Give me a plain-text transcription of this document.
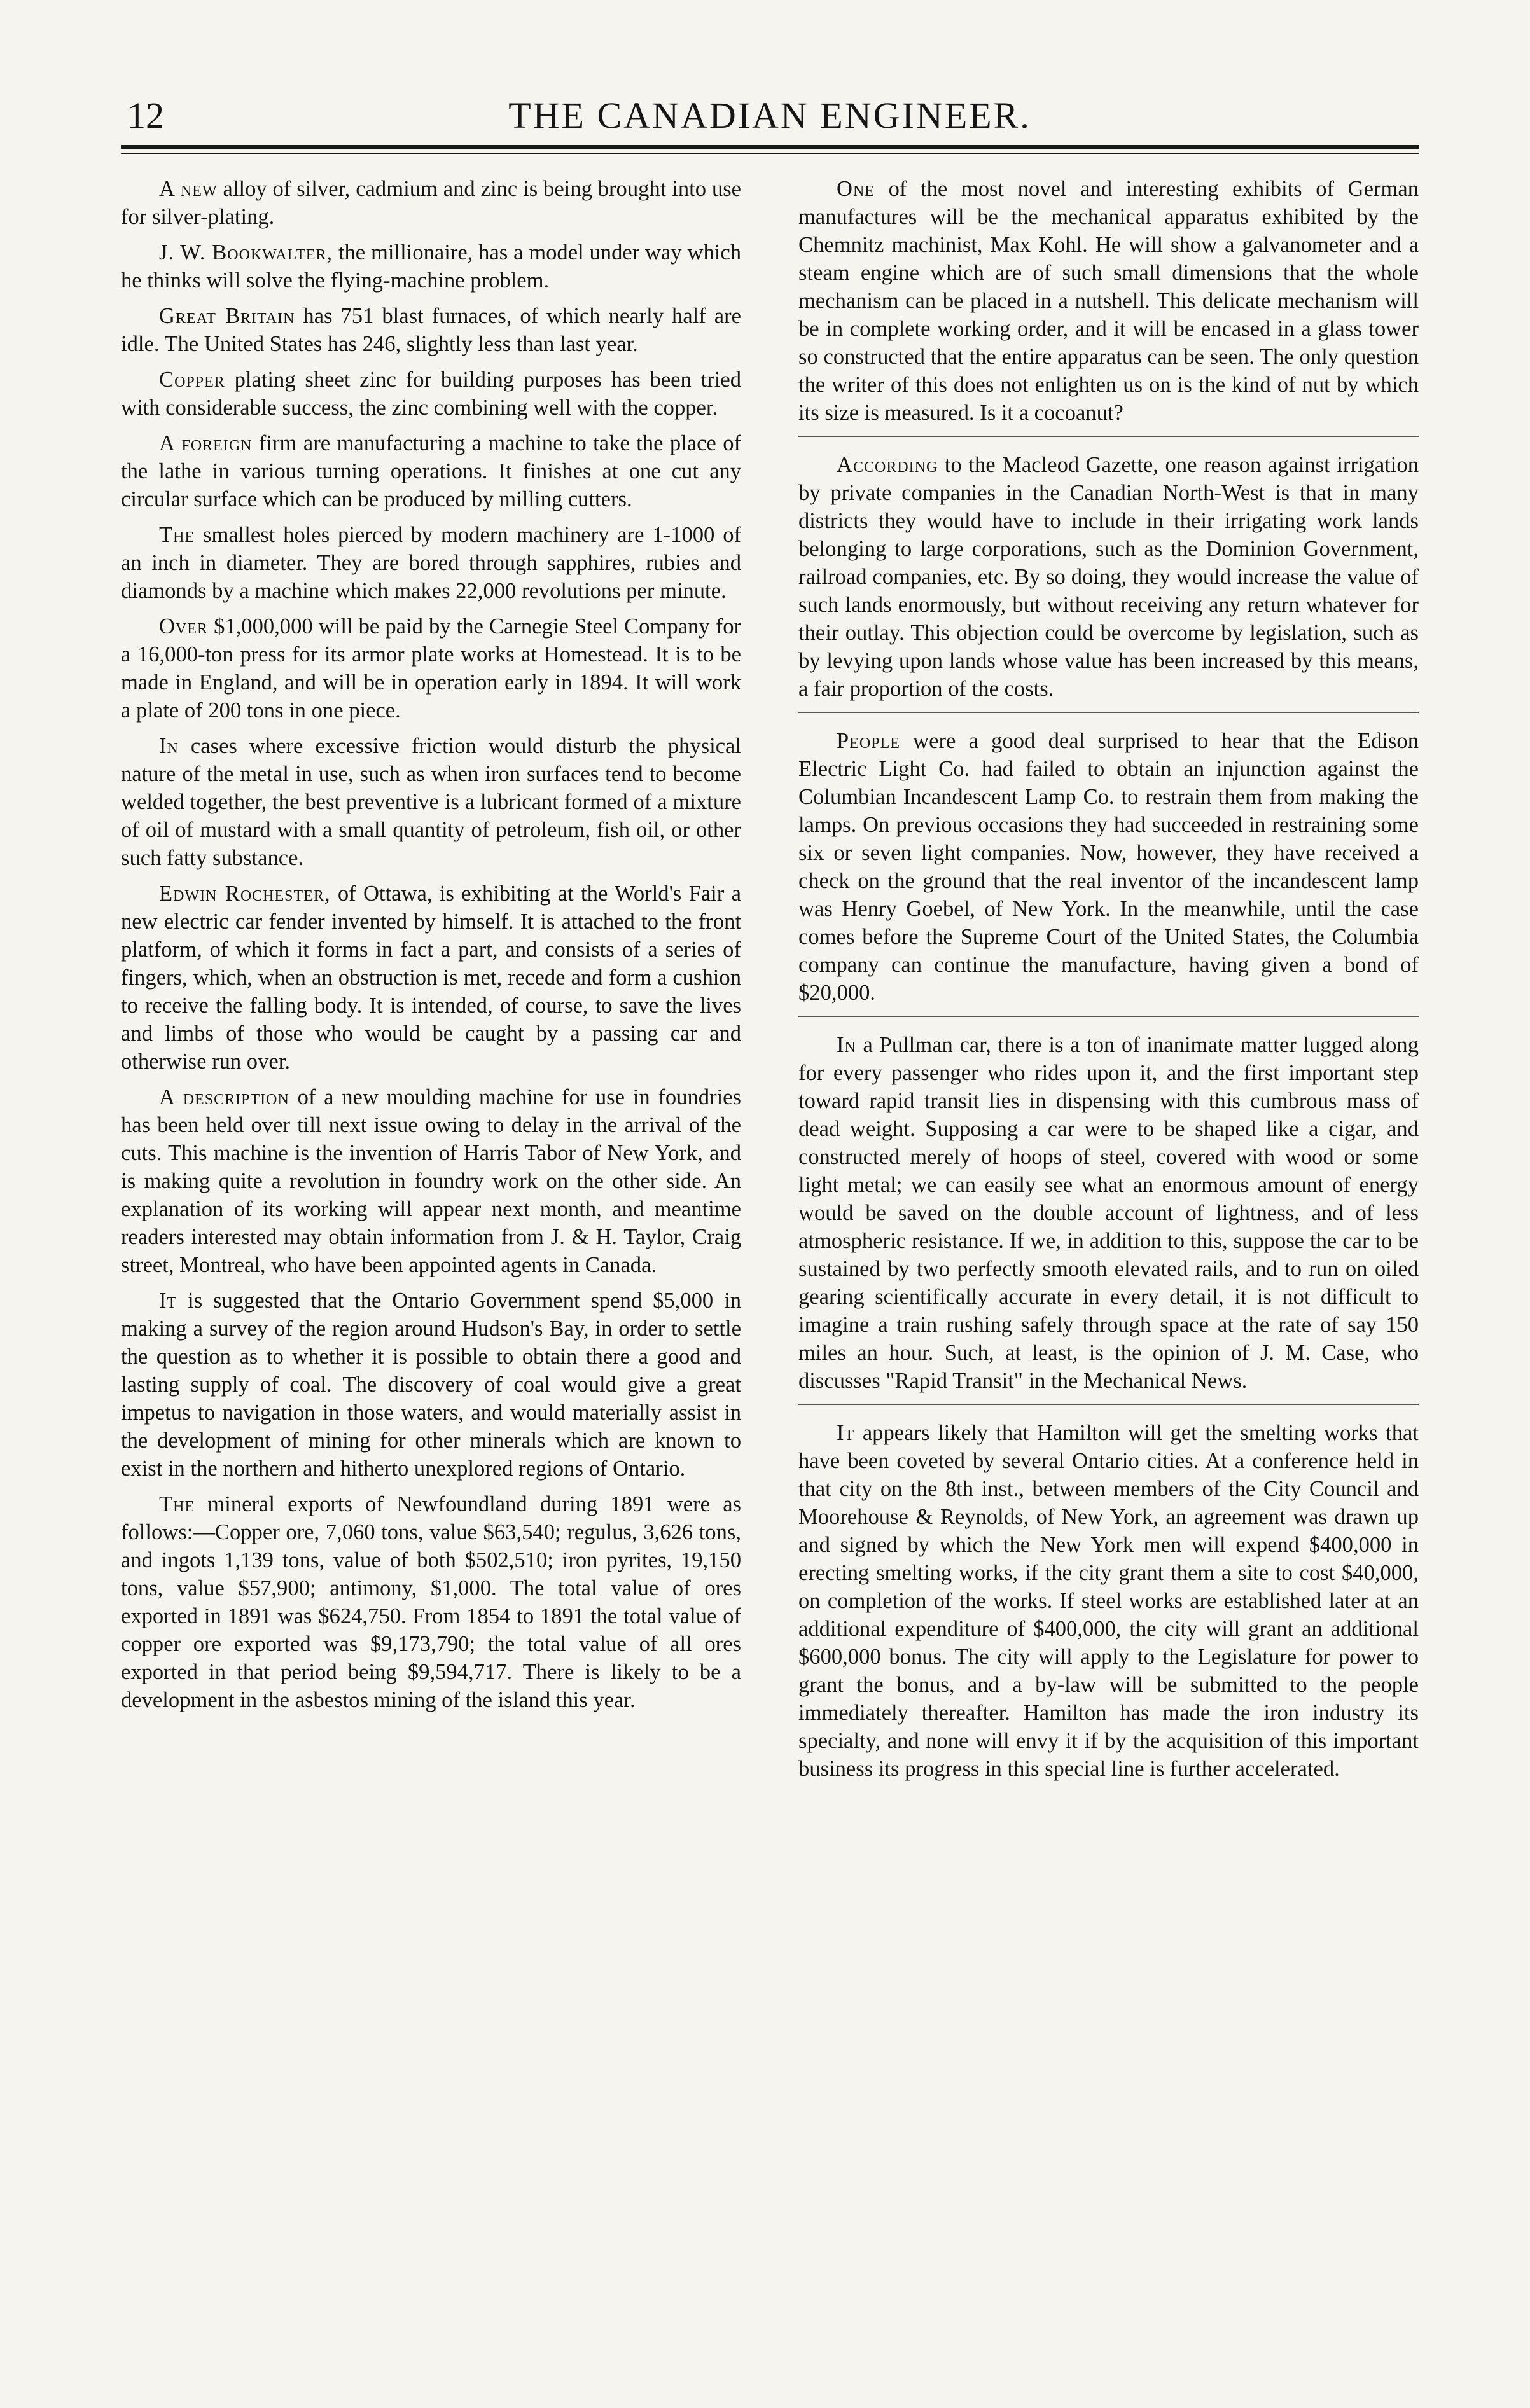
12	THE CANADIAN ENGINEER.

A new alloy of silver, cadmium and zinc is being brought into use for silver-plating.

J. W. Bookwalter, the millionaire, has a model under way which he thinks will solve the flying-machine problem.

Great Britain has 751 blast furnaces, of which nearly half are idle. The United States has 246, slightly less than last year.

Copper plating sheet zinc for building purposes has been tried with considerable success, the zinc combining well with the copper.

A foreign firm are manufacturing a machine to take the place of the lathe in various turning operations. It finishes at one cut any circular surface which can be produced by milling cutters.

The smallest holes pierced by modern machinery are 1-1000 of an inch in diameter. They are bored through sapphires, rubies and diamonds by a machine which makes 22,000 revolutions per minute.

Over $1,000,000 will be paid by the Carnegie Steel Company for a 16,000-ton press for its armor plate works at Homestead. It is to be made in England, and will be in operation early in 1894. It will work a plate of 200 tons in one piece.

In cases where excessive friction would disturb the physical nature of the metal in use, such as when iron surfaces tend to become welded together, the best preventive is a lubricant formed of a mixture of oil of mustard with a small quantity of petroleum, fish oil, or other such fatty substance.

Edwin Rochester, of Ottawa, is exhibiting at the World's Fair a new electric car fender invented by himself. It is attached to the front platform, of which it forms in fact a part, and consists of a series of fingers, which, when an obstruction is met, recede and form a cushion to receive the falling body. It is intended, of course, to save the lives and limbs of those who would be caught by a passing car and otherwise run over.

A description of a new moulding machine for use in foundries has been held over till next issue owing to delay in the arrival of the cuts. This machine is the invention of Harris Tabor of New York, and is making quite a revolution in foundry work on the other side. An explanation of its working will appear next month, and meantime readers interested may obtain information from J. & H. Taylor, Craig street, Montreal, who have been appointed agents in Canada.

It is suggested that the Ontario Government spend $5,000 in making a survey of the region around Hudson's Bay, in order to settle the question as to whether it is possible to obtain there a good and lasting supply of coal. The discovery of coal would give a great impetus to navigation in those waters, and would materially assist in the development of mining for other minerals which are known to exist in the northern and hitherto unexplored regions of Ontario.

The mineral exports of Newfoundland during 1891 were as follows:—Copper ore, 7,060 tons, value $63,540; regulus, 3,626 tons, and ingots 1,139 tons, value of both $502,510; iron pyrites, 19,150 tons, value $57,900; antimony, $1,000. The total value of ores exported in 1891 was $624,750. From 1854 to 1891 the total value of copper ore exported was $9,173,790; the total value of all ores exported in that period being $9,594,717. There is likely to be a development in the asbestos mining of the island this year.

One of the most novel and interesting exhibits of German manufactures will be the mechanical apparatus exhibited by the Chemnitz machinist, Max Kohl. He will show a galvanometer and a steam engine which are of such small dimensions that the whole mechanism can be placed in a nutshell. This delicate mechanism will be in complete working order, and it will be encased in a glass tower so constructed that the entire apparatus can be seen. The only question the writer of this does not enlighten us on is the kind of nut by which its size is measured. Is it a cocoanut?

According to the Macleod Gazette, one reason against irrigation by private companies in the Canadian North-West is that in many districts they would have to include in their irrigating work lands belonging to large corporations, such as the Dominion Government, railroad companies, etc. By so doing, they would increase the value of such lands enormously, but without receiving any return whatever for their outlay. This objection could be overcome by legislation, such as by levying upon lands whose value has been increased by this means, a fair proportion of the costs.

People were a good deal surprised to hear that the Edison Electric Light Co. had failed to obtain an injunction against the Columbian Incandescent Lamp Co. to restrain them from making the lamps. On previous occasions they had succeeded in restraining some six or seven light companies. Now, however, they have received a check on the ground that the real inventor of the incandescent lamp was Henry Goebel, of New York. In the meanwhile, until the case comes before the Supreme Court of the United States, the Columbia company can continue the manufacture, having given a bond of $20,000.

In a Pullman car, there is a ton of inanimate matter lugged along for every passenger who rides upon it, and the first important step toward rapid transit lies in dispensing with this cumbrous mass of dead weight. Supposing a car were to be shaped like a cigar, and constructed merely of hoops of steel, covered with wood or some light metal; we can easily see what an enormous amount of energy would be saved on the double account of lightness, and of less atmospheric resistance. If we, in addition to this, suppose the car to be sustained by two perfectly smooth elevated rails, and to run on oiled gearing scientifically accurate in every detail, it is not difficult to imagine a train rushing safely through space at the rate of say 150 miles an hour. Such, at least, is the opinion of J. M. Case, who discusses "Rapid Transit" in the Mechanical News.

It appears likely that Hamilton will get the smelting works that have been coveted by several Ontario cities. At a conference held in that city on the 8th inst., between members of the City Council and Moorehouse & Reynolds, of New York, an agreement was drawn up and signed by which the New York men will expend $400,000 in erecting smelting works, if the city grant them a site to cost $40,000, on completion of the works. If steel works are established later at an additional expenditure of $400,000, the city will grant an additional $600,000 bonus. The city will apply to the Legislature for power to grant the bonus, and a by-law will be submitted to the people immediately thereafter. Hamilton has made the iron industry its specialty, and none will envy it if by the acquisition of this important business its progress in this special line is further accelerated.
